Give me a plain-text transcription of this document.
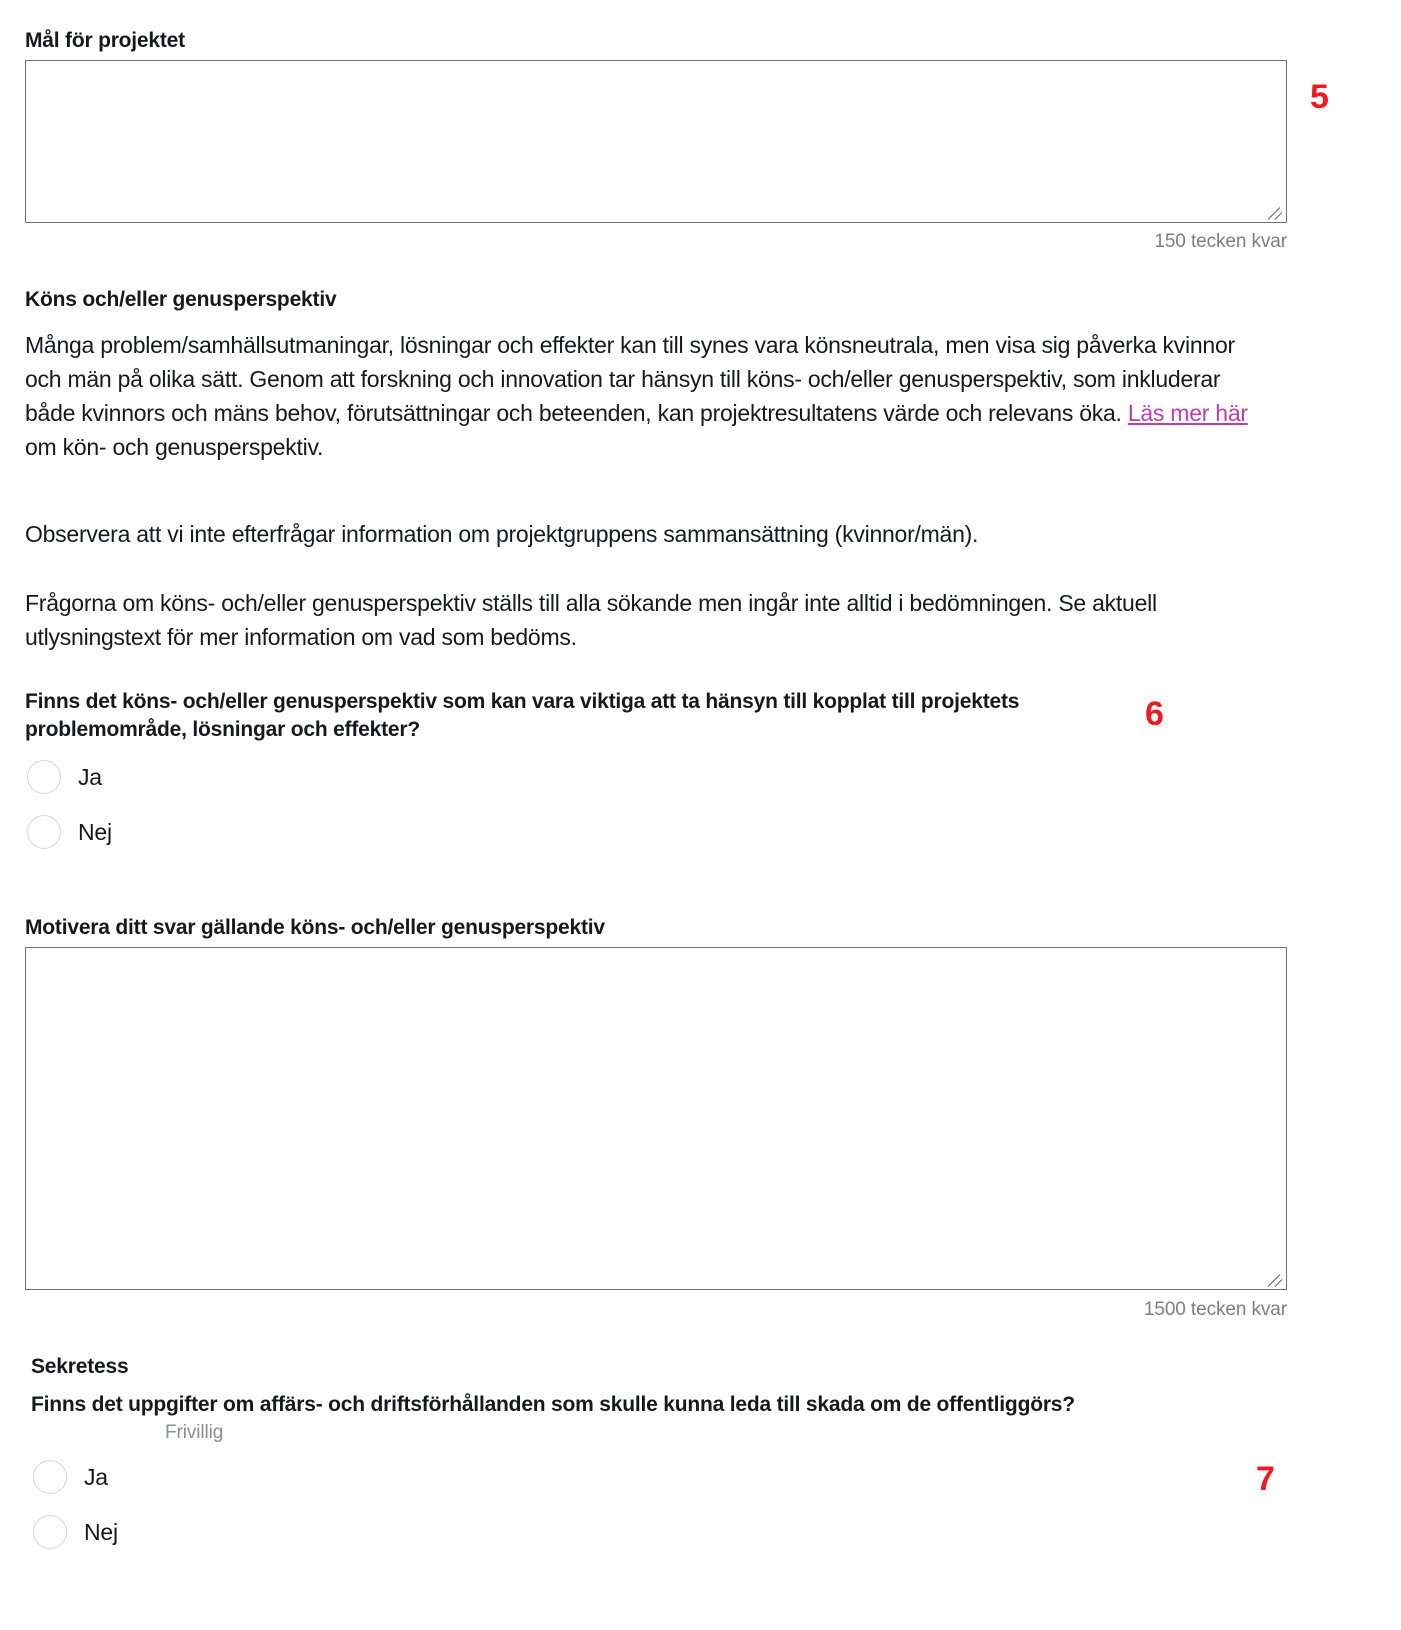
Mål för projektet
150 tecken kvar
5
Köns och/eller genusperspektiv

Många problem/samhällsutmaningar, lösningar och effekter kan till synes vara könsneutrala, men visa sig påverka kvinnor och män på olika sätt. Genom att forskning och innovation tar hänsyn till köns- och/eller genusperspektiv, som inkluderar både kvinnors och mäns behov, förutsättningar och beteenden, kan projektresultatens värde och relevans öka. Läs mer här om kön- och genusperspektiv.

Observera att vi inte efterfrågar information om projektgruppens sammansättning (kvinnor/män).

Frågorna om köns- och/eller genusperspektiv ställs till alla sökande men ingår inte alltid i bedömningen. Se aktuell utlysningstext för mer information om vad som bedöms.

Finns det köns- och/eller genusperspektiv som kan vara viktiga att ta hänsyn till kopplat till projektets problemområde, lösningar och effekter?	6
Ja
Nej
Motivera ditt svar gällande köns- och/eller genusperspektiv
1500 tecken kvar
Sekretess
Finns det uppgifter om affärs- och driftsförhållanden som skulle kunna leda till skada om de offentliggörs?
Frivillig
7
Ja
Nej
